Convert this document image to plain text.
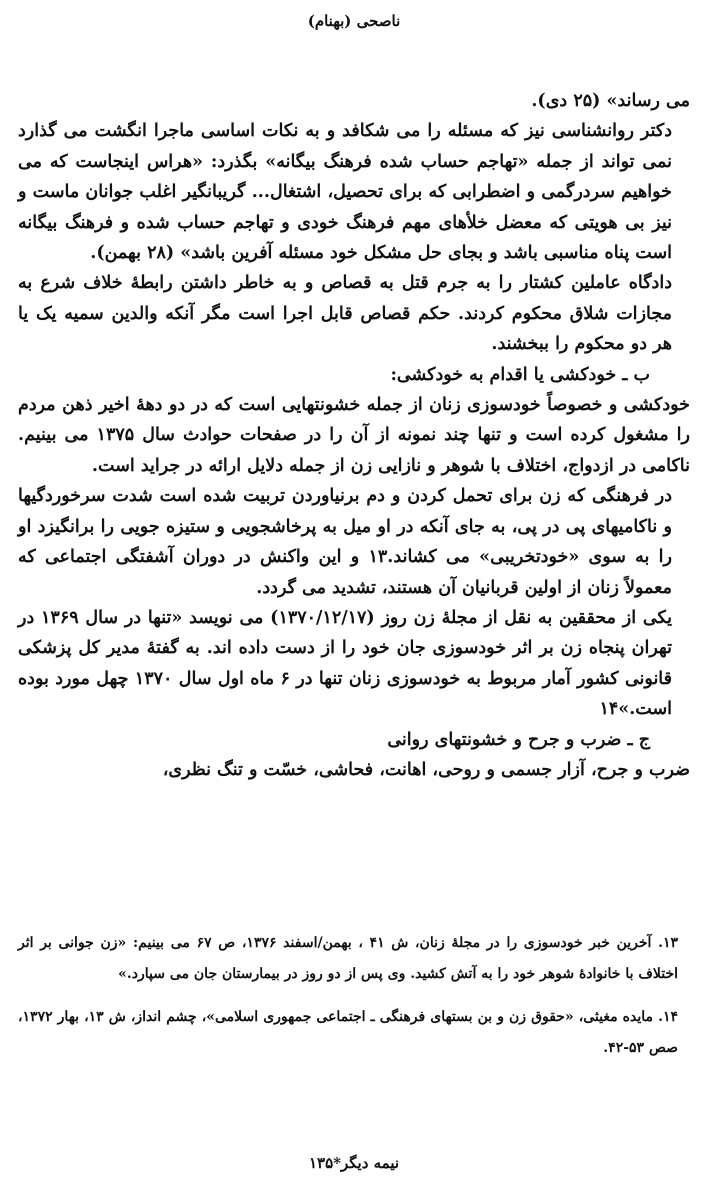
ناصحی (بهنام)

می رساند» (۲۵ دی).

دکتر روانشناسی نیز که مسئله را می شکافد و به نکات اساسی ماجرا انگشت می گذارد نمی تواند از جمله «تهاجم حساب شده فرهنگ بیگانه» بگذرد: «هراس اینجاست که می خواهیم سردرگمی و اضطرابی که برای تحصیل، اشتغال... گریبانگیر اغلب جوانان ماست و نیز بی هویتی که معضل خلأهای مهم فرهنگ خودی و تهاجم حساب شده و فرهنگ بیگانه است پناه مناسبی باشد و بجای حل مشکل خود مسئله آفرین باشد» (۲۸ بهمن).

دادگاه عاملین کشتار را به جرم قتل به قصاص و به خاطر داشتن رابطهٔ خلاف شرع به مجازات شلاق محکوم کردند. حکم قصاص قابل اجرا است مگر آنکه والدین سمیه یک یا هر دو محکوم را ببخشند.

ب ـ خودکشی یا اقدام به خودکشی:

خودکشی و خصوصاً خودسوزی زنان از جمله خشونتهایی است که در دو دههٔ اخیر ذهن مردم را مشغول کرده است و تنها چند نمونه از آن را در صفحات حوادث سال ۱۳۷۵ می بینیم. ناکامی در ازدواج، اختلاف با شوهر و نازایی زن از جمله دلایل ارائه در جراید است.

در فرهنگی که زن برای تحمل کردن و دم برنیاوردن تربیت شده است شدت سرخوردگیها و ناکامیهای پی در پی، به جای آنکه در او میل به پرخاشجویی و ستیزه جویی را برانگیزد او را به سوی «خودتخریبی» می کشاند.۱۳ و این واکنش در دوران آشفتگی اجتماعی که معمولاً زنان از اولین قربانیان آن هستند، تشدید می گردد.

یکی از محققین به نقل از مجلهٔ زن روز (۱۳۷۰/۱۲/۱۷) می نویسد «تنها در سال ۱۳۶۹ در تهران پنجاه زن بر اثر خودسوزی جان خود را از دست داده اند. به گفتهٔ مدیر کل پزشکی قانونی کشور آمار مربوط به خودسوزی زنان تنها در ۶ ماه اول سال ۱۳۷۰ چهل مورد بوده است.»۱۴

ج ـ ضرب و جرح و خشونتهای روانی

ضرب و جرح، آزار جسمی و روحی، اهانت، فحاشی، خسّت و تنگ نظری،

۱۳. آخرین خبر خودسوزی را در مجلهٔ زنان، ش ۴۱ ، بهمن/اسفند ۱۳۷۶، ص ۶۷ می بینیم: «زن جوانی بر اثر اختلاف با خانوادهٔ شوهر خود را به آتش کشید. وی پس از دو روز در بیمارستان جان می سپارد.»

۱۴. مایده مغیثی، «حقوق زن و بن بستهای فرهنگی ـ اجتماعی جمهوری اسلامی»، چشم انداز، ش ۱۳، بهار ۱۳۷۲، صص ۵۳-۴۲.

نیمه دیگر*۱۳۵
